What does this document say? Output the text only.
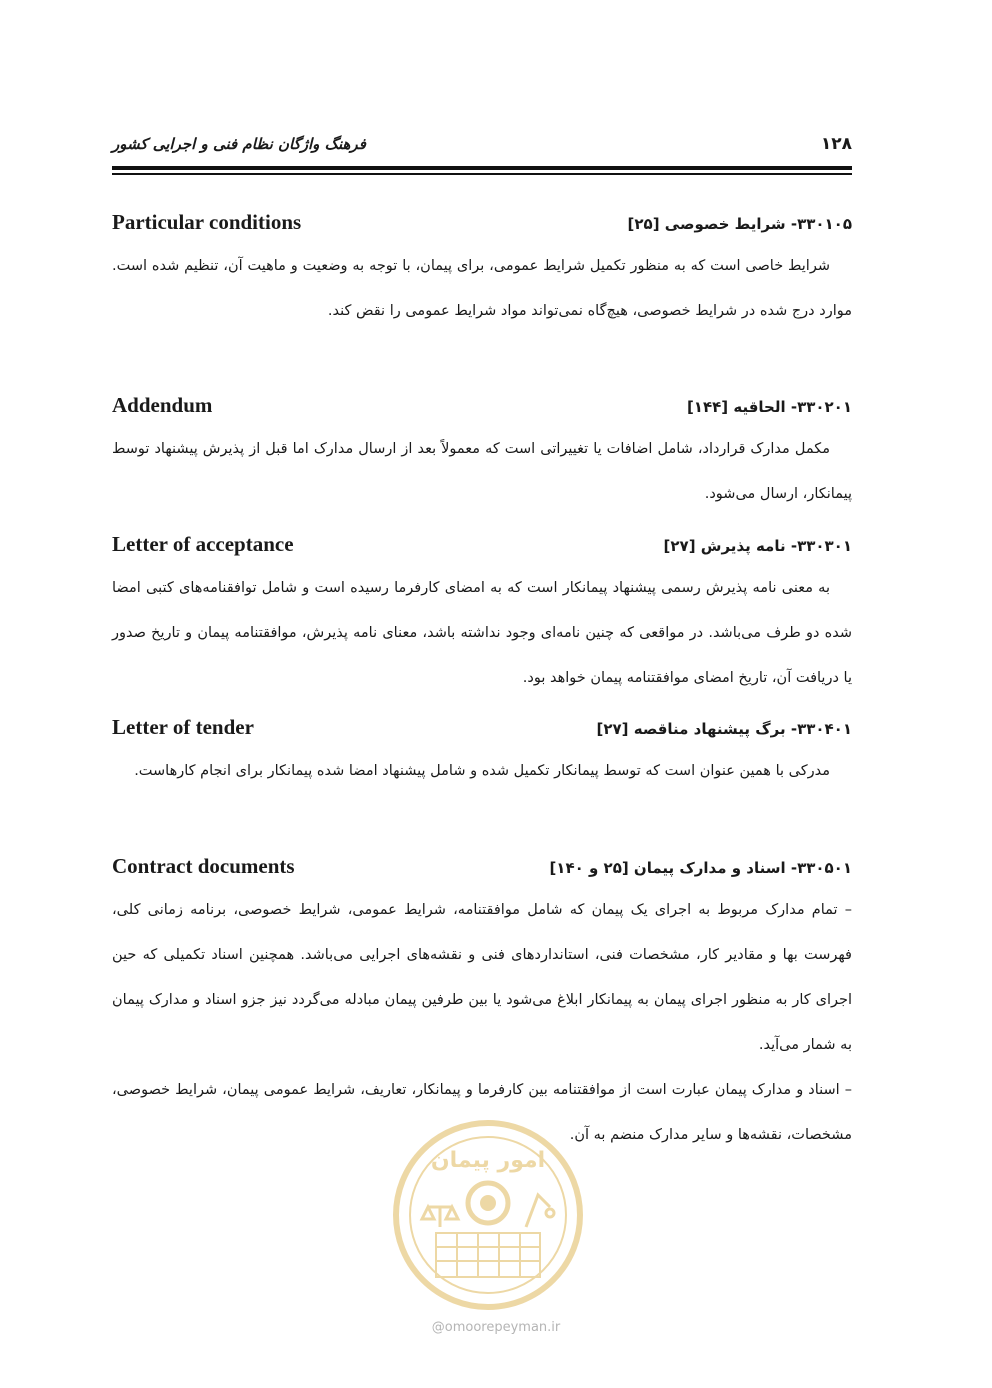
فرهنگ واژگان نظام فنی و اجرایی کشور	۱۲۸
Particular conditions	۳۳۰۱۰۵- شرایط خصوصی [۲۵]

شرایط خاصی است که به منظور تکمیل شرایط عمومی، برای پیمان، با توجه به وضعیت و ماهیت آن، تنظیم شده است. موارد درج شده در شرایط خصوصی، هیچ‌گاه نمی‌تواند مواد شرایط عمومی را نقض کند.

Addendum	۳۳۰۲۰۱- الحاقیه [۱۴۴]

مکمل مدارک قرارداد، شامل اضافات یا تغییراتی است که معمولاً بعد از ارسال مدارک اما قبل از پذیرش پیشنهاد توسط پیمانکار، ارسال می‌شود.

Letter of acceptance	۳۳۰۳۰۱- نامه پذیرش [۲۷]

به معنی نامه پذیرش رسمی پیشنهاد پیمانکار است که به امضای کارفرما رسیده است و شامل توافقنامه‌های کتبی امضا شده دو طرف می‌باشد. در مواقعی که چنین نامه‌ای وجود نداشته باشد، معنای نامه پذیرش، موافقتنامه پیمان و تاریخ صدور یا دریافت آن، تاریخ امضای موافقتنامه پیمان خواهد بود.

Letter of tender	۳۳۰۴۰۱- برگ پیشنهاد مناقصه [۲۷]

مدرکی با همین عنوان است که توسط پیمانکار تکمیل شده و شامل پیشنهاد امضا شده پیمانکار برای انجام کارهاست.

Contract documents	۳۳۰۵۰۱- اسناد و مدارک پیمان [۲۵ و ۱۴۰]

– تمام مدارک مربوط به اجرای یک پیمان که شامل موافقتنامه، شرایط عمومی، شرایط خصوصی، برنامه زمانی کلی، فهرست بها و مقادیر کار، مشخصات فنی، استانداردهای فنی و نقشه‌های اجرایی می‌باشد. همچنین اسناد تکمیلی که حین اجرای کار به منظور اجرای پیمان به پیمانکار ابلاغ می‌شود یا بین طرفین پیمان مبادله می‌گردد نیز جزو اسناد و مدارک پیمان به شمار می‌آید.

– اسناد و مدارک پیمان عبارت است از موافقتنامه بین کارفرما و پیمانکار، تعاریف، شرایط عمومی پیمان، شرایط خصوصی، مشخصات، نقشه‌ها و سایر مدارک منضم به آن.

امور پیمان
@omoorepeyman.ir
